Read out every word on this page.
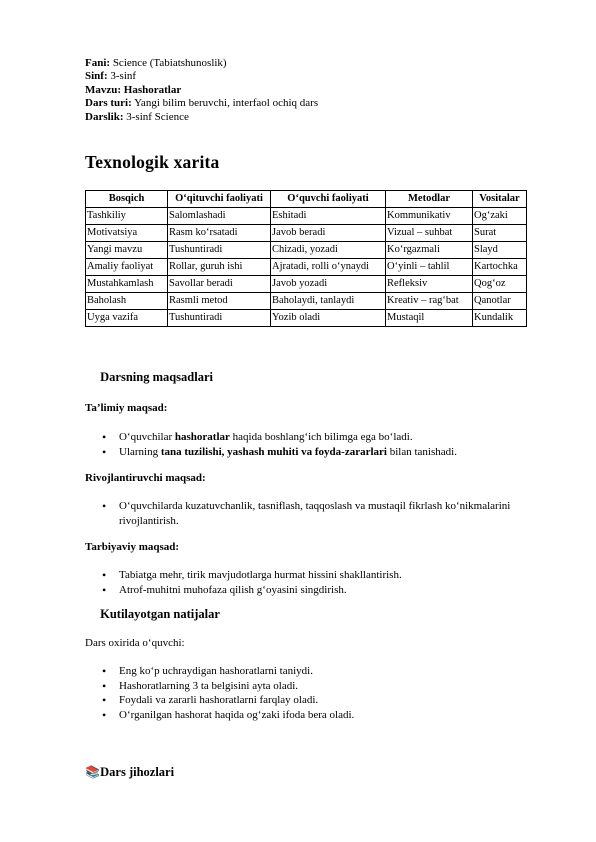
Fani: Science (Tabiatshunoslik)
Sinf: 3-sinf
Mavzu: Hashoratlar
Dars turi: Yangi bilim beruvchi, interfaol ochiq dars
Darslik: 3-sinf Science
Texnologik xarita
Bosqich	O‘qituvchi faoliyati	O‘quvchi faoliyati	Metodlar	Vositalar
Tashkiliy	Salomlashadi	Eshitadi	Kommunikativ	Og‘zaki
Motivatsiya	Rasm ko‘rsatadi	Javob beradi	Vizual – suhbat	Surat
Yangi mavzu	Tushuntiradi	Chizadi, yozadi	Ko‘rgazmali	Slayd
Amaliy faoliyat	Rollar, guruh ishi	Ajratadi, rolli o‘ynaydi	O‘yinli – tahlil	Kartochka
Mustahkamlash	Savollar beradi	Javob yozadi	Refleksiv	Qog‘oz
Baholash	Rasmli metod	Baholaydi, tanlaydi	Kreativ – rag‘bat	Qanotlar
Uyga vazifa	Tushuntiradi	Yozib oladi	Mustaqil	Kundalik
Darsning maqsadlari
Ta’limiy maqsad:
• O‘quvchilar hashoratlar haqida boshlang‘ich bilimga ega bo‘ladi.
• Ularning tana tuzilishi, yashash muhiti va foyda-zararlari bilan tanishadi.
Rivojlantiruvchi maqsad:
• O‘quvchilarda kuzatuvchanlik, tasniflash, taqqoslash va mustaqil fikrlash ko‘nikmalarini rivojlantirish.
Tarbiyaviy maqsad:
• Tabiatga mehr, tirik mavjudotlarga hurmat hissini shakllantirish.
• Atrof-muhitni muhofaza qilish g‘oyasini singdirish.
Kutilayotgan natijalar
Dars oxirida o‘quvchi:
• Eng ko‘p uchraydigan hashoratlarni taniydi.
• Hashoratlarning 3 ta belgisini ayta oladi.
• Foydali va zararli hashoratlarni farqlay oladi.
• O‘rganilgan hashorat haqida og‘zaki ifoda bera oladi.
📚 Dars jihozlari
